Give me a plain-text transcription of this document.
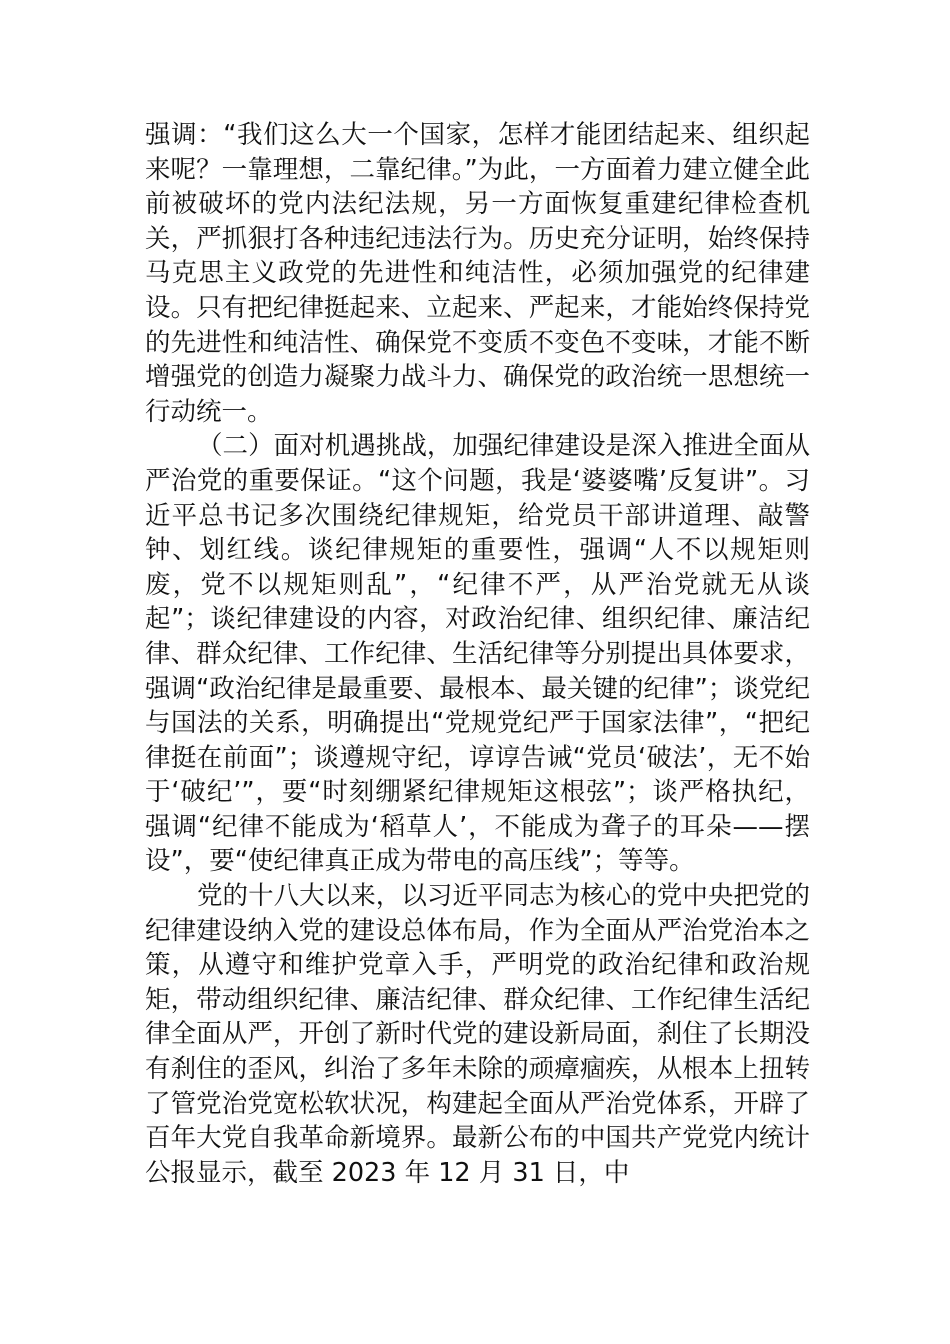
强调：“我们这么大一个国家，怎样才能团结起来、组织起来呢？一靠理想，二靠纪律。”为此，一方面着力建立健全此前被破坏的党内法纪法规，另一方面恢复重建纪律检查机关，严抓狠打各种违纪违法行为。历史充分证明，始终保持马克思主义政党的先进性和纯洁性，必须加强党的纪律建设。只有把纪律挺起来、立起来、严起来，才能始终保持党的先进性和纯洁性、确保党不变质不变色不变味，才能不断增强党的创造力凝聚力战斗力、确保党的政治统一思想统一行动统一。

（二）面对机遇挑战，加强纪律建设是深入推进全面从严治党的重要保证。“这个问题，我是‘婆婆嘴’反复讲”。习近平总书记多次围绕纪律规矩，给党员干部讲道理、敲警钟、划红线。谈纪律规矩的重要性，强调“人不以规矩则废，党不以规矩则乱”，“纪律不严，从严治党就无从谈起”；谈纪律建设的内容，对政治纪律、组织纪律、廉洁纪律、群众纪律、工作纪律、生活纪律等分别提出具体要求，强调“政治纪律是最重要、最根本、最关键的纪律”；谈党纪与国法的关系，明确提出“党规党纪严于国家法律”，“把纪律挺在前面”；谈遵规守纪，谆谆告诫“党员‘破法’，无不始于‘破纪’”，要“时刻绷紧纪律规矩这根弦”；谈严格执纪，强调“纪律不能成为‘稻草人’，不能成为聋子的耳朵——摆设”，要“使纪律真正成为带电的高压线”；等等。

党的十八大以来，以习近平同志为核心的党中央把党的纪律建设纳入党的建设总体布局，作为全面从严治党治本之策，从遵守和维护党章入手，严明党的政治纪律和政治规矩，带动组织纪律、廉洁纪律、群众纪律、工作纪律生活纪律全面从严，开创了新时代党的建设新局面，刹住了长期没有刹住的歪风，纠治了多年未除的顽瘴痼疾，从根本上扭转了管党治党宽松软状况，构建起全面从严治党体系，开辟了百年大党自我革命新境界。最新公布的中国共产党党内统计公报显示，截至 2023 年 12 月 31 日，中
